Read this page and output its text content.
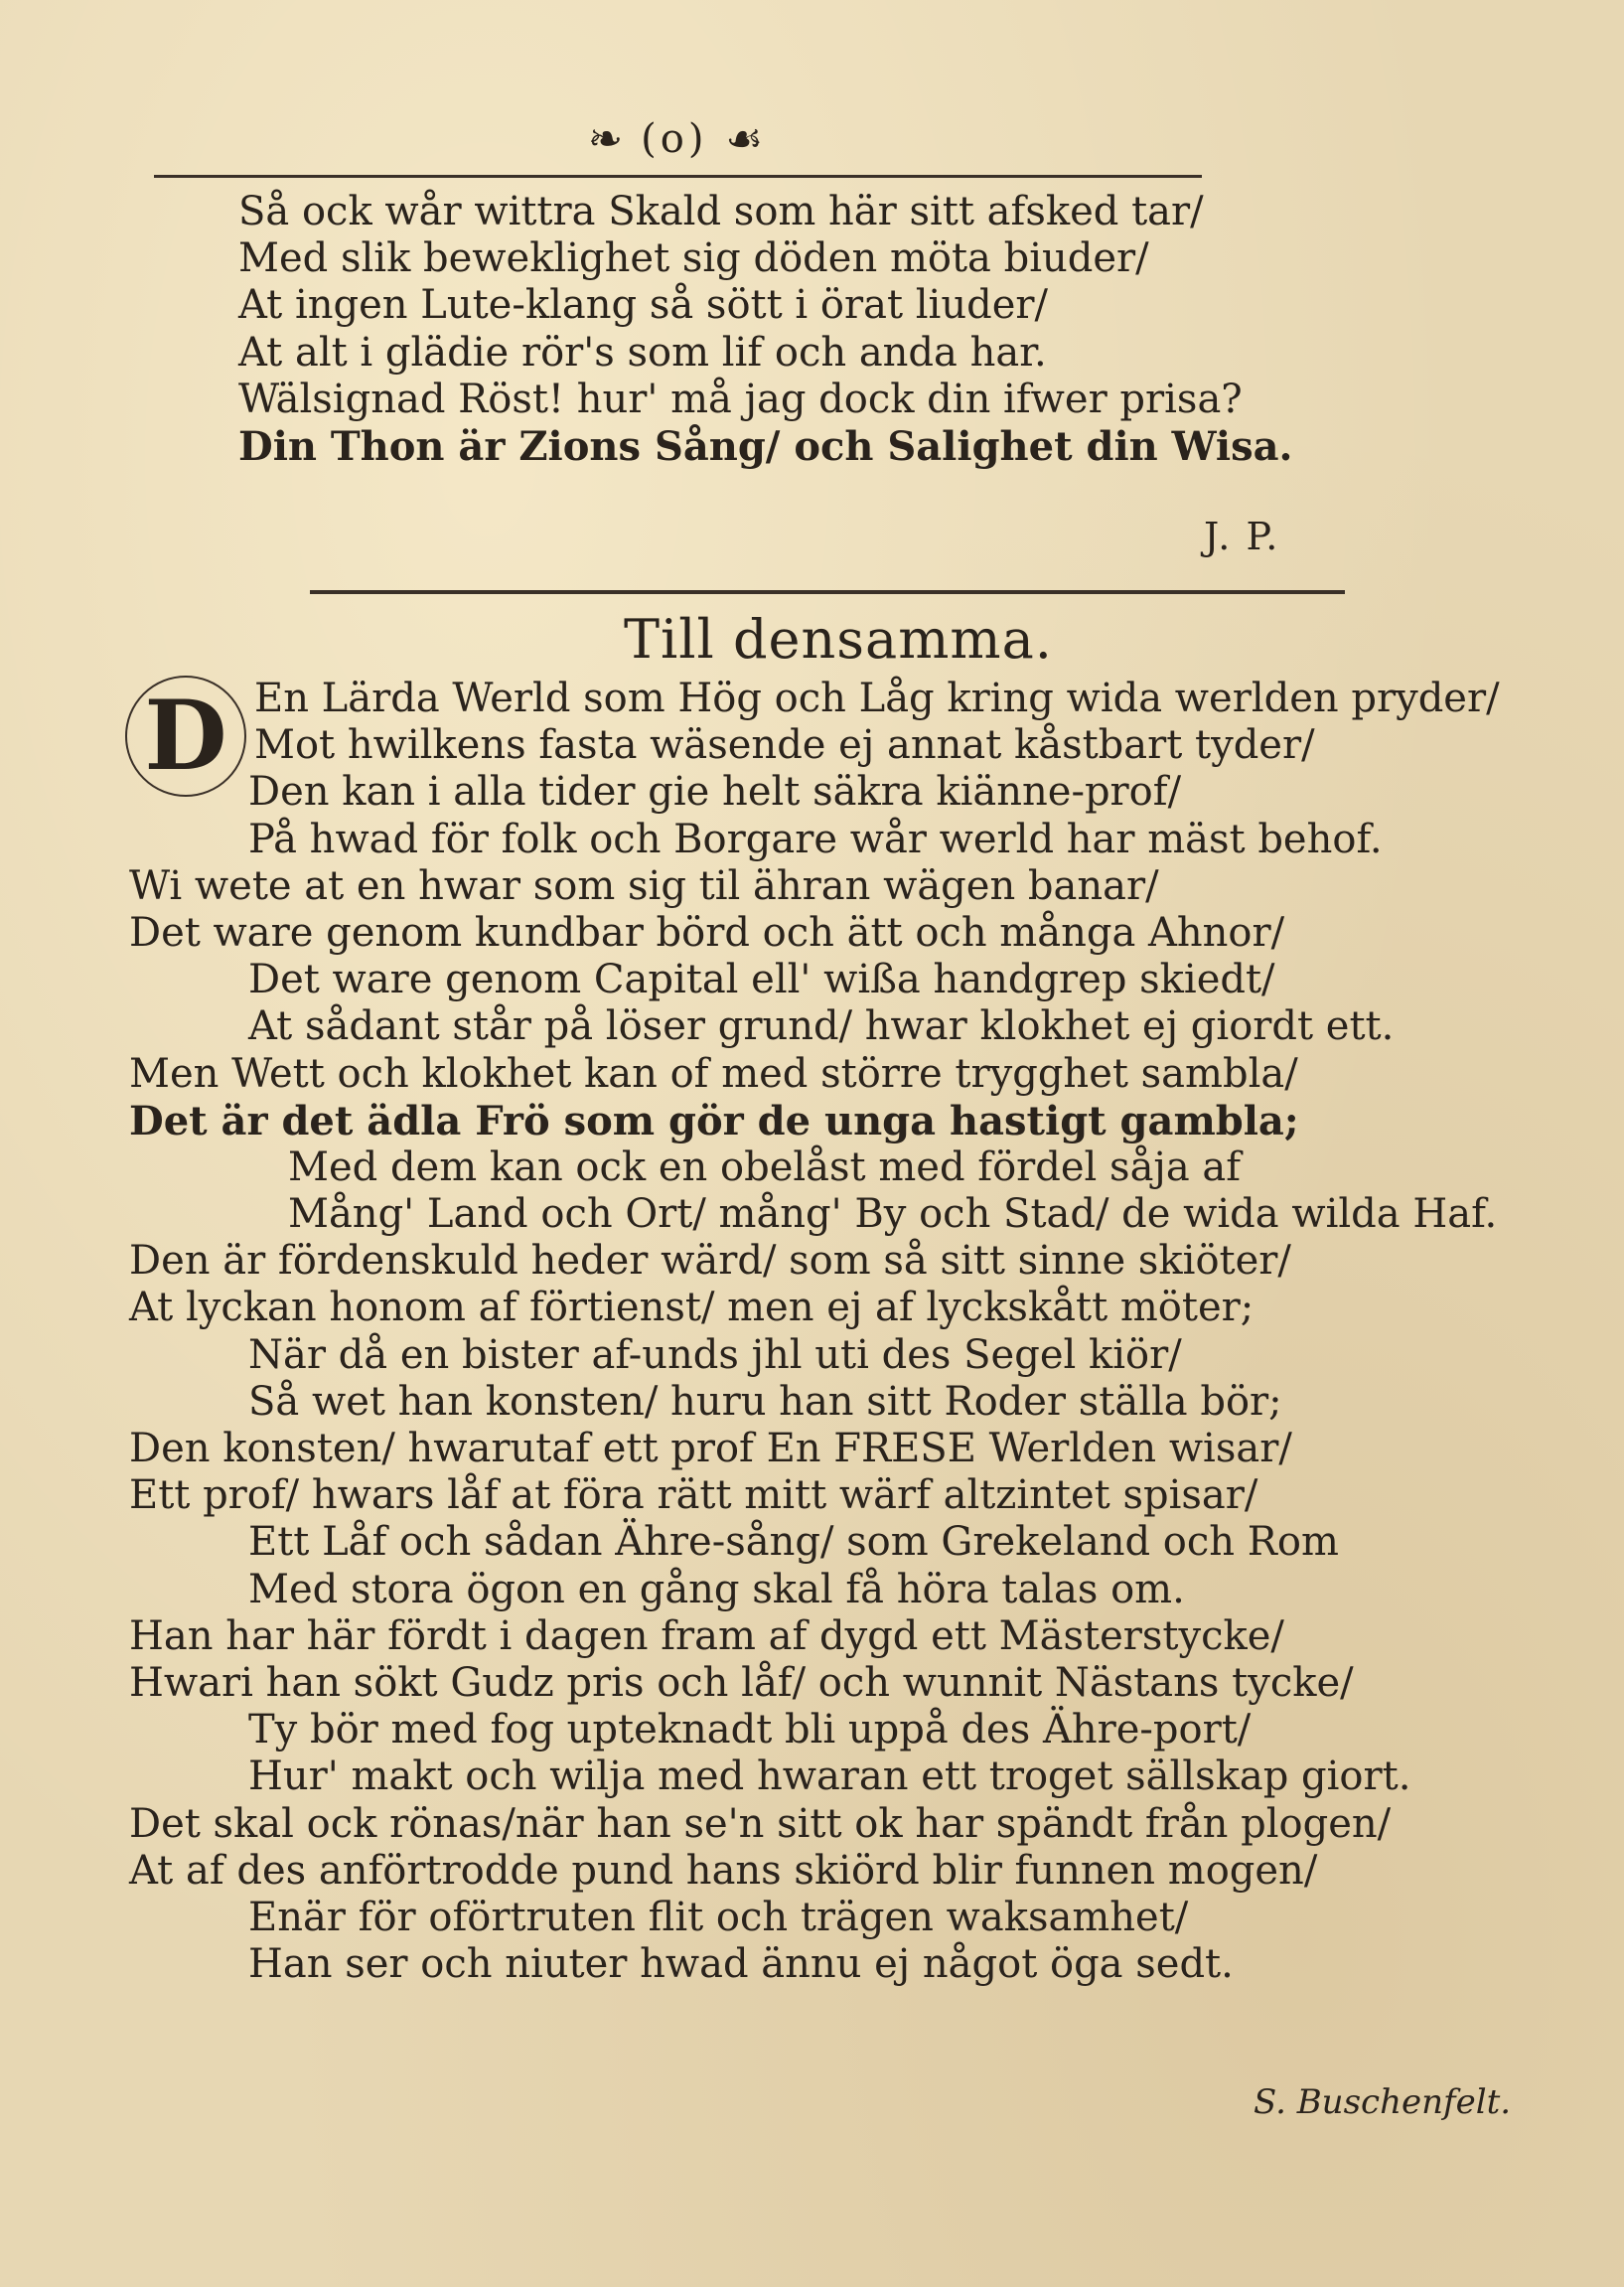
❧ (o) ☙
Så ock wår wittra Skald som här sitt afsked tar/
Med slik beweklighet sig döden möta biuder/
At ingen Lute-klang så sött i örat liuder/
At alt i glädie rör's som lif och anda har.
Wälsignad Röst! hur' må jag dock din ifwer prisa?
Din Thon är Zions Sång/ och Salighet din Wisa.
J. P.
Till densamma.
D En Lärda Werld som Hög och Låg kring wida werlden pryder/
Mot hwilkens fasta wäsende ej annat kåstbart tyder/
Den kan i alla tider gie helt säkra kiänne-prof/
På hwad för folk och Borgare wår werld har mäst behof.
Wi wete at en hwar som sig til ähran wägen banar/
Det ware genom kundbar börd och ätt och många Ahnor/
Det ware genom Capital ell' wißa handgrep skiedt/
At sådant står på löser grund/ hwar klokhet ej giordt ett.
Men Wett och klokhet kan of med större trygghet sambla/
Det är det ädla Frö som gör de unga hastigt gambla;
Med dem kan ock en obelåst med fördel såja af
Mång' Land och Ort/ mång' By och Stad/ de wida wilda Haf.
Den är fördenskuld heder wärd/ som så sitt sinne skiöter/
At lyckan honom af förtienst/ men ej af lyckskått möter;
När då en bister af-unds jhl uti des Segel kiör/
Så wet han konsten/ huru han sitt Roder ställa bör;
Den konsten/ hwarutaf ett prof En FRESE Werlden wisar/
Ett prof/ hwars låf at föra rätt mitt wärf altzintet spisar/
Ett Låf och sådan Ähre-sång/ som Grekeland och Rom
Med stora ögon en gång skal få höra talas om.
Han har här fördt i dagen fram af dygd ett Mästerstycke/
Hwari han sökt Gudz pris och låf/ och wunnit Nästans tycke/
Ty bör med fog upteknadt bli uppå des Ähre-port/
Hur' makt och wilja med hwaran ett troget sällskap giort.
Det skal ock rönas/när han se'n sitt ok har spändt från plogen/
At af des anförtrodde pund hans skiörd blir funnen mogen/
Enär för oförtruten flit och trägen waksamhet/
Han ser och niuter hwad ännu ej något öga sedt.
S. Buschenfelt.
